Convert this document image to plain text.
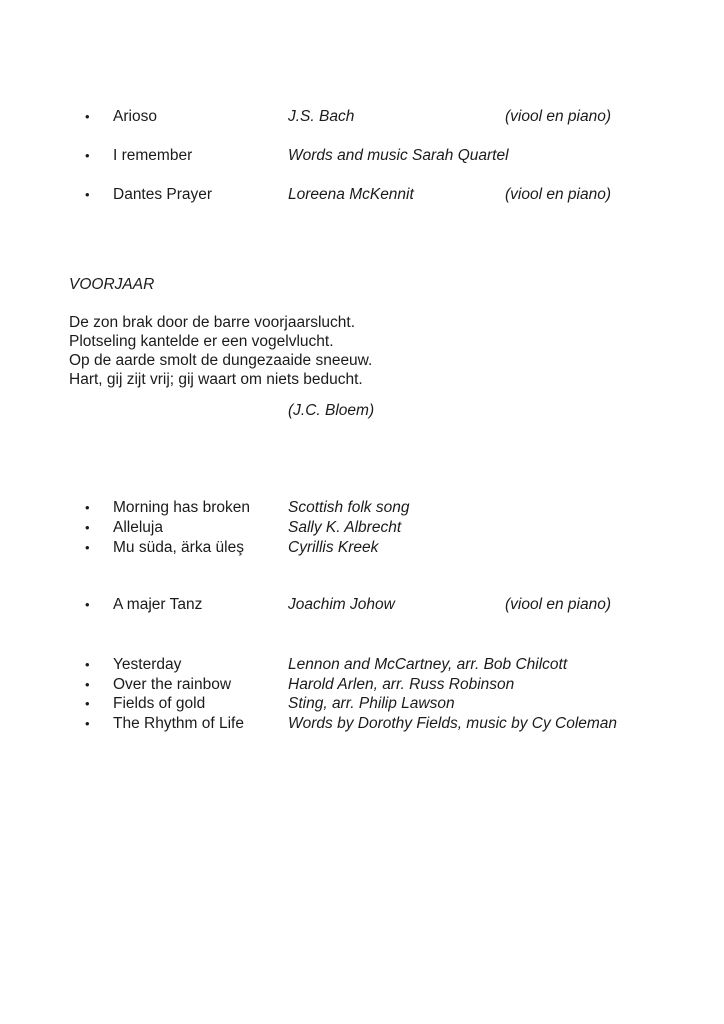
•	Arioso	J.S. Bach	(viool en piano)
•	I remember	Words and music Sarah Quartel
•	Dantes Prayer	Loreena McKennit	(viool en piano)
VOORJAAR
De zon brak door de barre voorjaarslucht.
Plotseling kantelde er een vogelvlucht.
Op de aarde smolt de dungezaaide sneeuw.
Hart, gij zijt vrij; gij waart om niets beducht.
(J.C. Bloem)
•	Morning has broken	Scottish folk song
•	Alleluja	Sally K. Albrecht
•	Mu süda, ärka üleş	Cyrillis Kreek
•	A majer Tanz	Joachim Johow	(viool en piano)
•	Yesterday	Lennon and McCartney, arr. Bob Chilcott
•	Over the rainbow	Harold Arlen, arr. Russ Robinson
•	Fields of gold	Sting, arr. Philip Lawson
•	The Rhythm of Life	Words by Dorothy Fields, music by Cy Coleman
